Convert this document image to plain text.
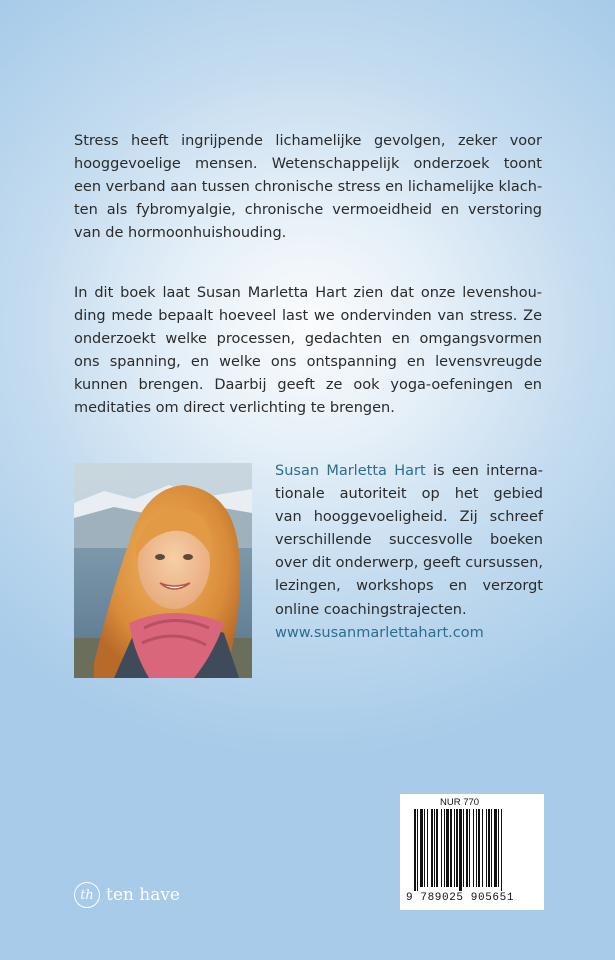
Stress heeft ingrijpende lichamelijke gevolgen, zeker voor
hooggevoelige mensen. Wetenschappelijk onderzoek toont
een verband aan tussen chronische stress en lichamelijke klach-
ten als fybromyalgie, chronische vermoeidheid en verstoring
van de hormoonhuishouding.

In dit boek laat Susan Marletta Hart zien dat onze levenshou-
ding mede bepaalt hoeveel last we ondervinden van stress. Ze
onderzoekt welke processen, gedachten en omgangsvormen
ons spanning, en welke ons ontspanning en levensvreugde
kunnen brengen. Daarbij geeft ze ook yoga-oefeningen en
meditaties om direct verlichting te brengen.

Susan Marletta Hart is een interna-
tionale autoriteit op het gebied
van hooggevoeligheid. Zij schreef
verschillende succesvolle boeken
over dit onderwerp, geeft cursussen,
lezingen, workshops en verzorgt
online coachingstrajecten.
www.susanmarlettahart.com

th ten have
NUR 770
9 789025 905651
